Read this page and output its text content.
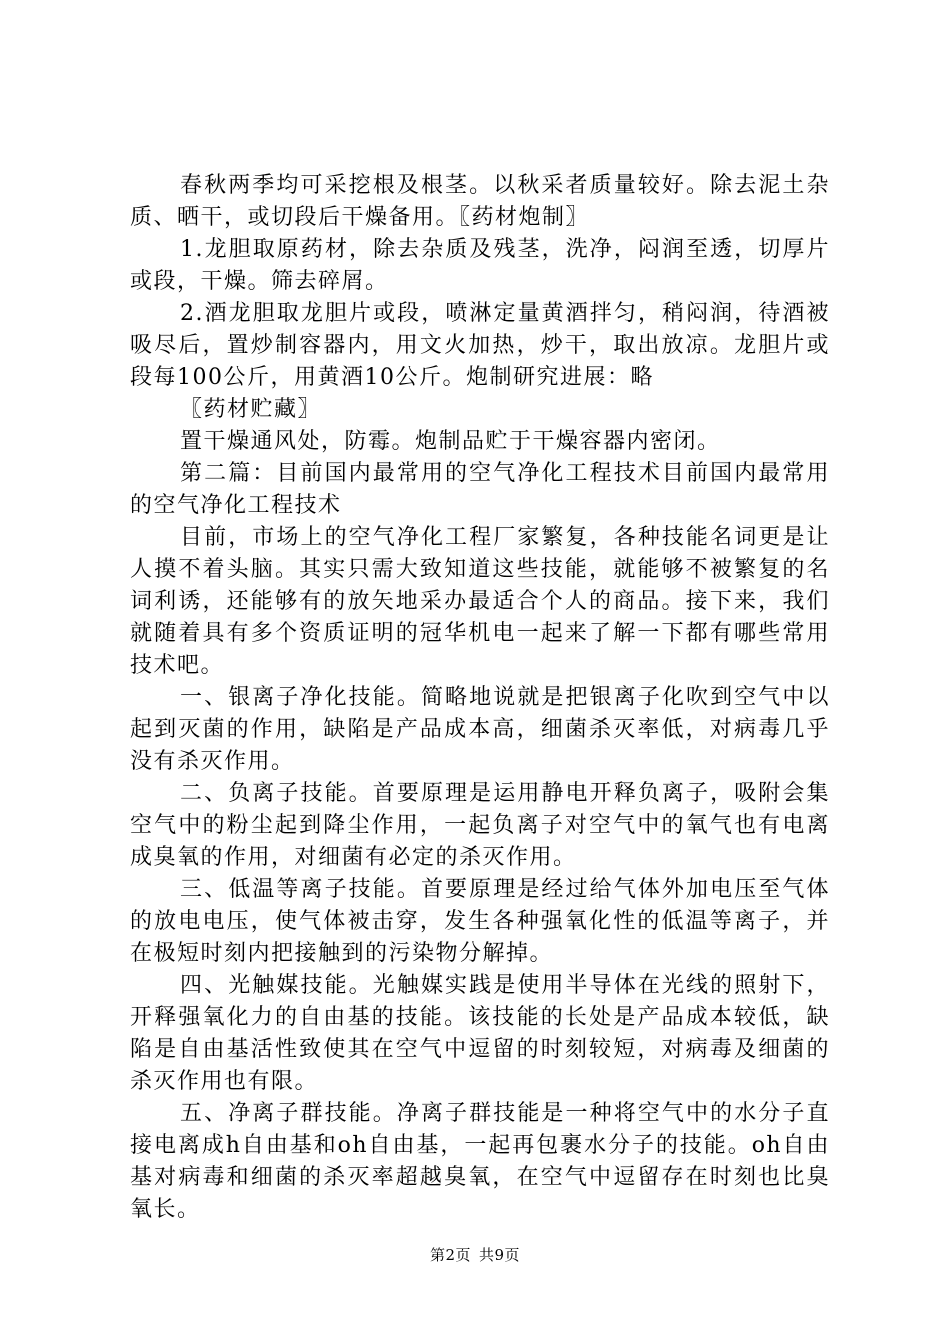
春秋两季均可采挖根及根茎。以秋采者质量较好。除去泥土杂质、晒干，或切段后干燥备用。〖药材炮制〗

1.龙胆取原药材，除去杂质及残茎，洗净，闷润至透，切厚片或段，干燥。筛去碎屑。

2.酒龙胆取龙胆片或段，喷淋定量黄酒拌匀，稍闷润，待酒被吸尽后，置炒制容器内，用文火加热，炒干，取出放凉。龙胆片或段每100公斤，用黄酒10公斤。炮制研究进展：略

〖药材贮藏〗

置干燥通风处，防霉。炮制品贮于干燥容器内密闭。

第二篇：目前国内最常用的空气净化工程技术目前国内最常用的空气净化工程技术

目前，市场上的空气净化工程厂家繁复，各种技能名词更是让人摸不着头脑。其实只需大致知道这些技能，就能够不被繁复的名词利诱，还能够有的放矢地采办最适合个人的商品。接下来，我们就随着具有多个资质证明的冠华机电一起来了解一下都有哪些常用技术吧。

一、银离子净化技能。简略地说就是把银离子化吹到空气中以起到灭菌的作用，缺陷是产品成本高，细菌杀灭率低，对病毒几乎没有杀灭作用。

二、负离子技能。首要原理是运用静电开释负离子，吸附会集空气中的粉尘起到降尘作用，一起负离子对空气中的氧气也有电离成臭氧的作用，对细菌有必定的杀灭作用。

三、低温等离子技能。首要原理是经过给气体外加电压至气体的放电电压，使气体被击穿，发生各种强氧化性的低温等离子，并在极短时刻内把接触到的污染物分解掉。

四、光触媒技能。光触媒实践是使用半导体在光线的照射下，开释强氧化力的自由基的技能。该技能的长处是产品成本较低，缺陷是自由基活性致使其在空气中逗留的时刻较短，对病毒及细菌的杀灭作用也有限。

五、净离子群技能。净离子群技能是一种将空气中的水分子直接电离成h自由基和oh自由基，一起再包裹水分子的技能。oh自由基对病毒和细菌的杀灭率超越臭氧，在空气中逗留存在时刻也比臭氧长。

第2页 共9页
